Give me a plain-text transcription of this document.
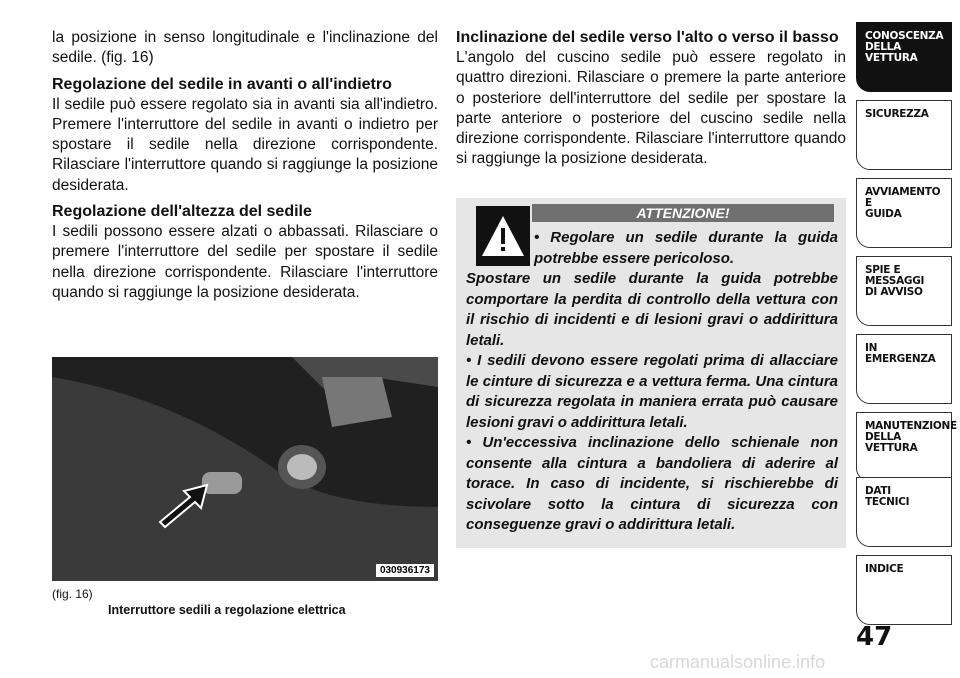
la posizione in senso longitudinale e l'inclinazione del sedile. (fig. 16)

Regolazione del sedile in avanti o all'indietro

Il sedile può essere regolato sia in avanti sia all'indietro. Premere l'interruttore del sedile in avanti o indietro per spostare il sedile nella direzione corrispondente. Rilasciare l'interruttore quando si raggiunge la posizione desiderata.

Regolazione dell'altezza del sedile

I sedili possono essere alzati o abbassati. Rilasciare o premere l'interruttore del sedile per spostare il sedile nella direzione corrispondente. Rilasciare l'interruttore quando si raggiunge la posizione desiderata.

030936173
(fig. 16)
Interruttore sedili a regolazione elettrica
Inclinazione del sedile verso l'alto o verso il basso

L'angolo del cuscino sedile può essere regolato in quattro direzioni. Rilasciare o premere la parte anteriore o posteriore dell'interruttore del sedile per spostare la parte anteriore o posteriore del cuscino sedile nella direzione corrispondente. Rilasciare l'interruttore quando si raggiunge la posizione desiderata.

ATTENZIONE!

• Regolare un sedile durante la guida potrebbe essere pericoloso.

Spostare un sedile durante la guida potrebbe comportare la perdita di controllo della vettura con il rischio di incidenti e di lesioni gravi o addirittura letali.

• I sedili devono essere regolati prima di allacciare le cinture di sicurezza e a vettura ferma. Una cintura di sicurezza regolata in maniera errata può causare lesioni gravi o addirittura letali.

• Un'eccessiva inclinazione dello schienale non consente alla cintura a bandoliera di aderire al torace. In caso di incidente, si rischierebbe di scivolare sotto la cintura di sicurezza con conseguenze gravi o addirittura letali.

CONOSCENZA
DELLA
VETTURA
SICUREZZA
AVVIAMENTO
E
GUIDA
SPIE E
MESSAGGI
DI AVVISO
IN
EMERGENZA
MANUTENZIONE
DELLA
VETTURA
DATI
TECNICI
INDICE
47
carmanualsonline.info
